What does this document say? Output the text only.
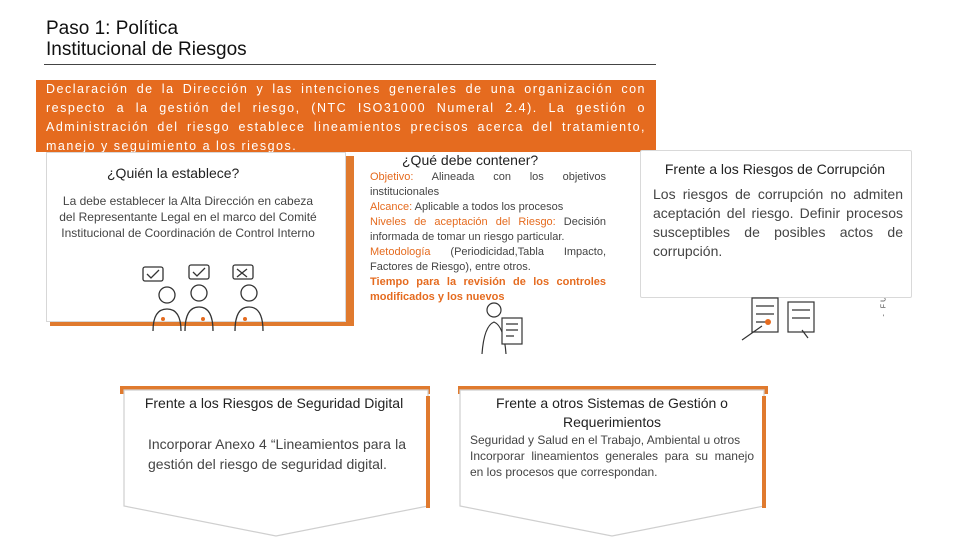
Paso 1: Política
Institucional de Riesgos
Declaración de la Dirección y las intenciones generales de una organización con respecto a la gestión del riesgo, (NTC ISO31000 Numeral 2.4). La gestión o Administración del riesgo establece lineamientos precisos acerca del tratamiento, manejo y seguimiento a los riesgos.
¿Quién la establece?
La debe establecer la Alta Dirección en cabeza del Representante Legal en el marco del Comité Institucional de Coordinación de Control Interno
¿Qué debe contener?
Objetivo: Alineada con los objetivos institucionales
Alcance: Aplicable a todos los procesos
Niveles de aceptación del Riesgo: Decisión informada de tomar un riesgo particular.
Metodología (Periodicidad,Tabla Impacto, Factores de Riesgo), entre otros.
Tiempo para la revisión de los controles modificados y los nuevos
Frente a los Riesgos de Corrupción
Los riesgos de corrupción no admiten aceptación del riesgo. Definir procesos susceptibles de posibles actos de corrupción.
Frente a los Riesgos de Seguridad Digital
Incorporar Anexo 4 “Lineamientos para la gestión del riesgo de seguridad digital.
Frente a otros Sistemas de Gestión o Requerimientos
Seguridad y Salud en el Trabajo, Ambiental u otros
Incorporar lineamientos generales para su manejo en los procesos que correspondan.
